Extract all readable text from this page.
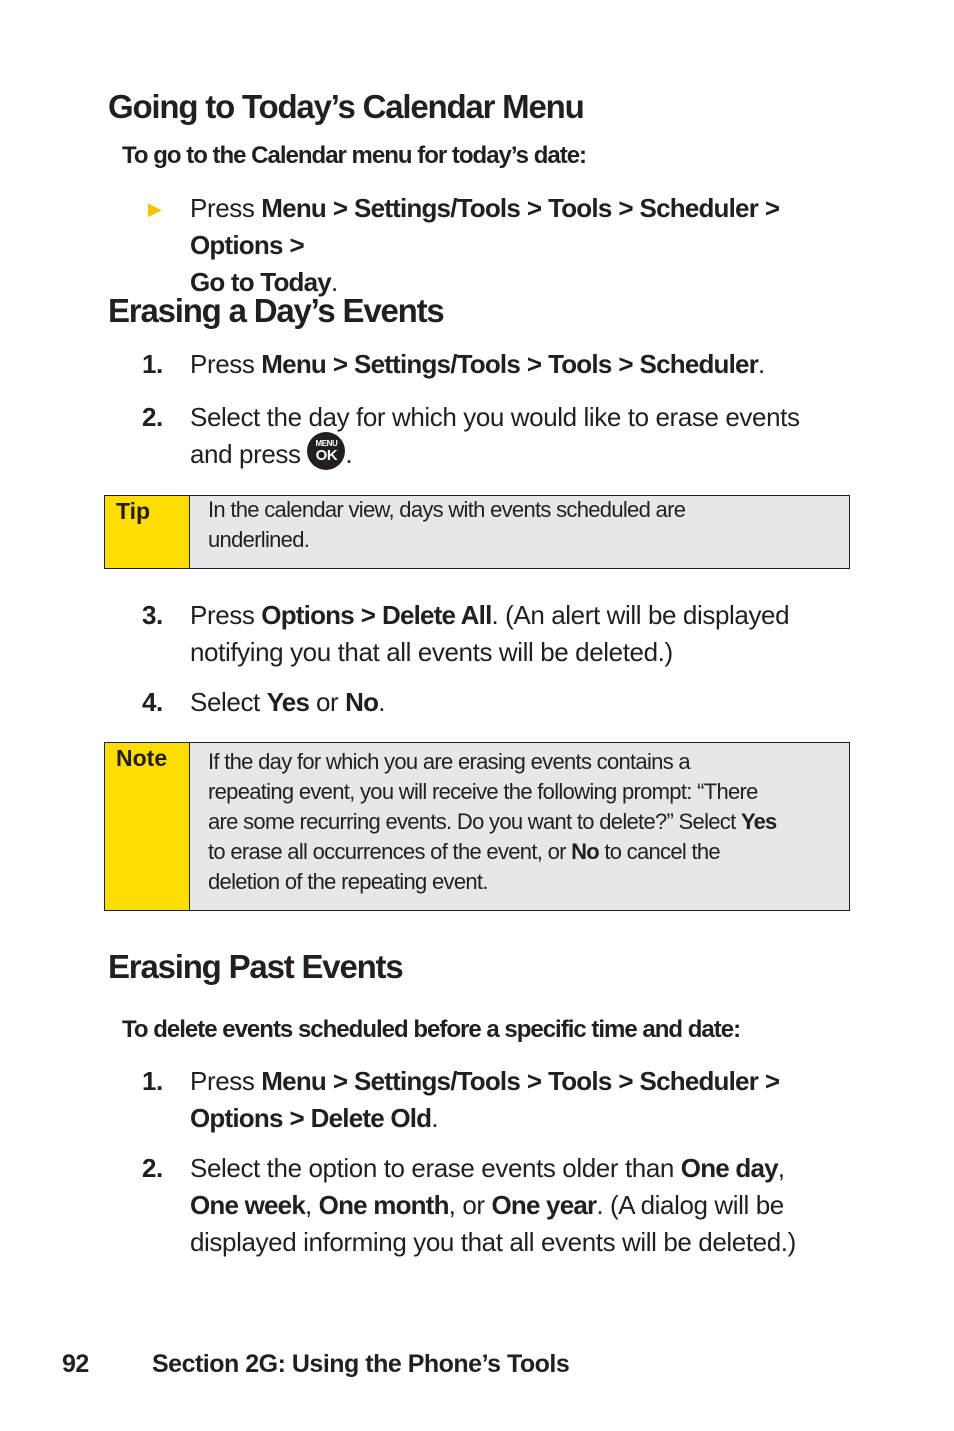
Going to Today’s Calendar Menu
To go to the Calendar menu for today’s date:
▶ Press Menu > Settings/Tools > Tools > Scheduler > Options >
Go to Today.
Erasing a Day’s Events
1. Press Menu > Settings/Tools > Tools > Scheduler.
2. Select the day for which you would like to erase events
and press	MENU
OK .
Tip	In the calendar view, days with events scheduled are
underlined.
3. Press Options > Delete All. (An alert will be displayed
notifying you that all events will be deleted.)
4. Select Yes or No.
Note	If the day for which you are erasing events contains a
repeating event, you will receive the following prompt: “There
are some recurring events. Do you want to delete?” Select Yes
to erase all occurrences of the event, or No to cancel the
deletion of the repeating event.
Erasing Past Events
To delete events scheduled before a specific time and date:
1. Press Menu > Settings/Tools > Tools > Scheduler >
Options > Delete Old.
2. Select the option to erase events older than One day,
One week, One month, or One year. (A dialog will be
displayed informing you that all events will be deleted.)
92	Section 2G: Using the Phone’s Tools
